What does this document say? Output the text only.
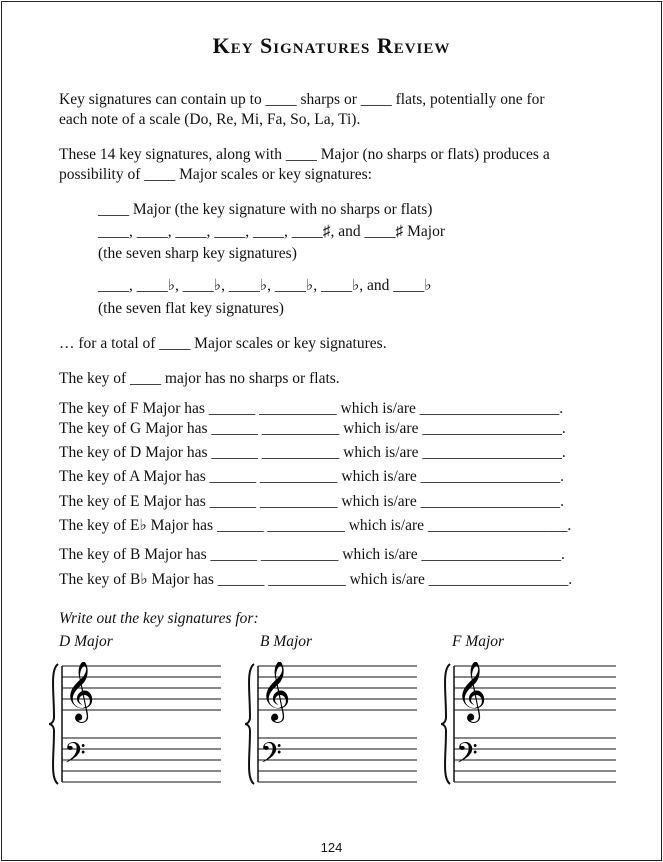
Key Signatures Review
Key signatures can contain up to ____ sharps or ____ flats, potentially one for
each note of a scale (Do, Re, Mi, Fa, So, La, Ti).
These 14 key signatures, along with ____ Major (no sharps or flats) produces a
possibility of ____ Major scales or key signatures:
____ Major (the key signature with no sharps or flats)
____, ____, ____, ____, ____, ____♯, and ____♯ Major
(the seven sharp key signatures)
____, ____♭, ____♭, ____♭, ____♭, ____♭, and ____♭
(the seven flat key signatures)
… for a total of ____ Major scales or key signatures.
The key of ____ major has no sharps or flats.
The key of F Major has ______ __________ which is/are __________________.
The key of G Major has ______ __________ which is/are __________________.
The key of D Major has ______ __________ which is/are __________________.
The key of A Major has ______ __________ which is/are __________________.
The key of E Major has ______ __________ which is/are __________________.
The key of E♭ Major has ______ __________ which is/are __________________.
The key of B Major has ______ __________ which is/are __________________.
The key of B♭ Major has ______ __________ which is/are __________________.
Write out the key signatures for:
D Major	B Major	F Major
𝄞
𝄢
𝄞
𝄢
𝄞
𝄢
124
